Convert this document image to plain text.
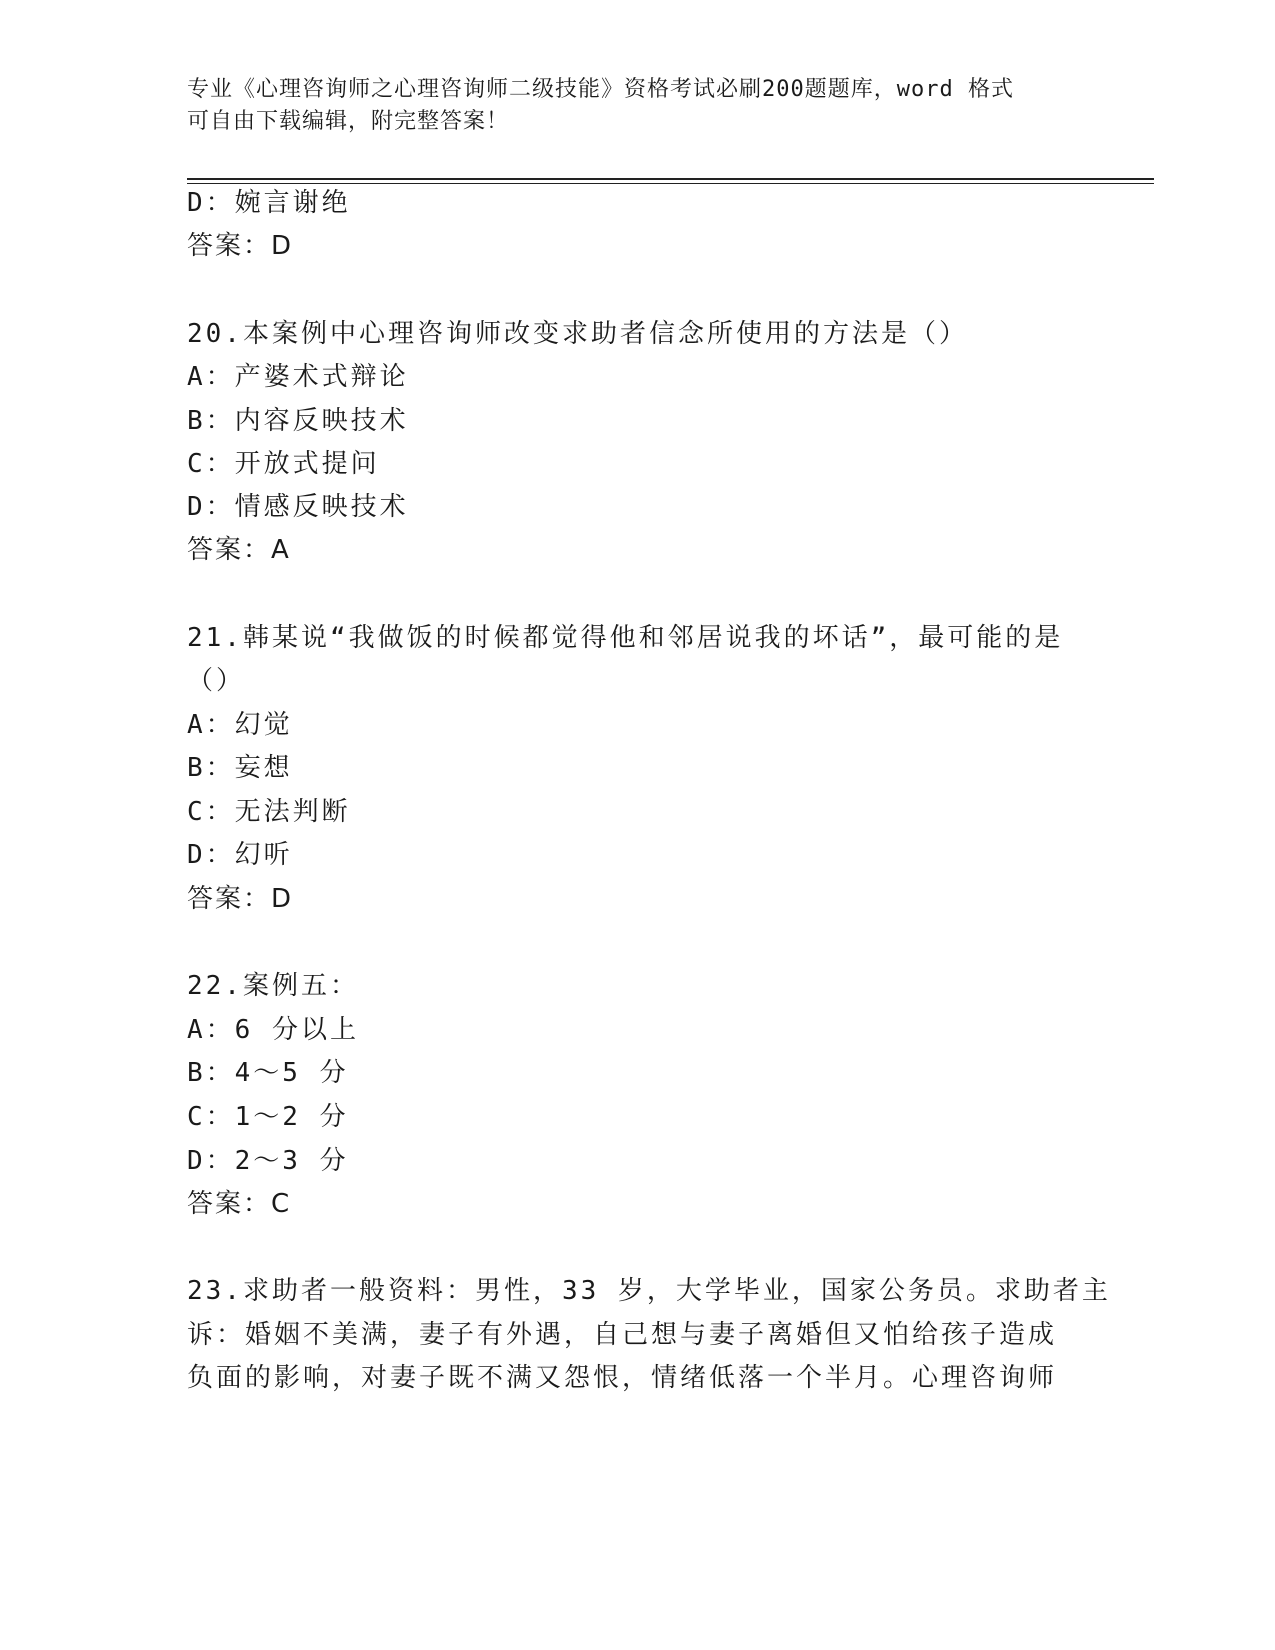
专业《心理咨询师之心理咨询师二级技能》资格考试必刷200题题库，word 格式
可自由下载编辑，附完整答案！
D：婉言谢绝
答案：D
20.本案例中心理咨询师改变求助者信念所使用的方法是（）
A：产婆术式辩论
B：内容反映技术
C：开放式提问
D：情感反映技术
答案：A
21.韩某说“我做饭的时候都觉得他和邻居说我的坏话”，最可能的是
（）
A：幻觉
B：妄想
C：无法判断
D：幻听
答案：D
22.案例五：
A：6 分以上
B：4～5 分
C：1～2 分
D：2～3 分
答案：C
23.求助者一般资料：男性，33 岁，大学毕业，国家公务员。求助者主
诉：婚姻不美满，妻子有外遇，自己想与妻子离婚但又怕给孩子造成
负面的影响，对妻子既不满又怨恨，情绪低落一个半月。心理咨询师
